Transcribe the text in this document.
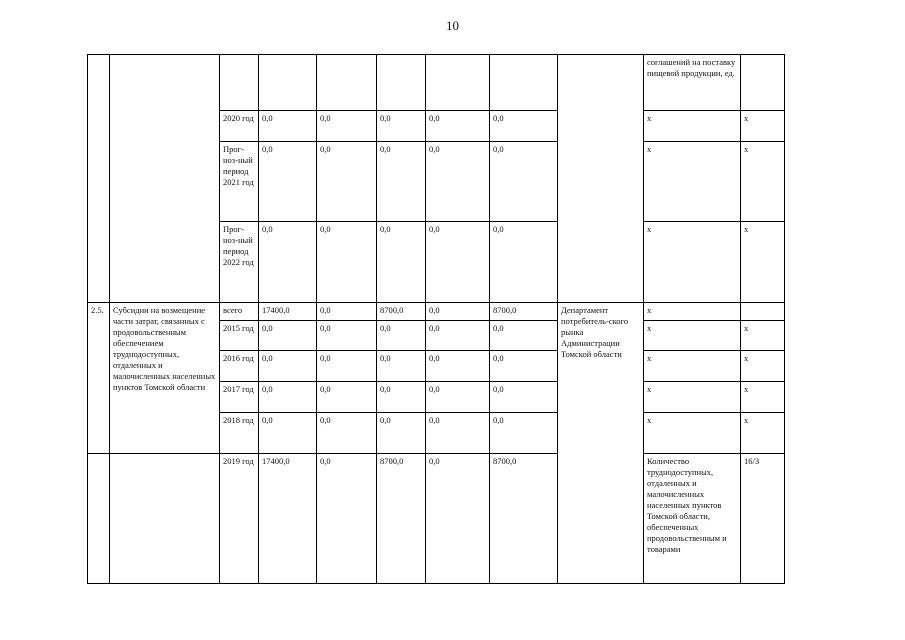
10
									соглашений на поставку пищевой продукции, ед.	
		2020 год	0,0	0,0	0,0	0,0	0,0		x	x
		Прог-нoз-ный период 2021 год	0,0	0,0	0,0	0,0	0,0		x	x
		Прог-нoз-ный период 2022 год	0,0	0,0	0,0	0,0	0,0		x	x
2.5.	Субсидии на возмещение части затрат, связанных с продовольственным обеспечением труднодоступных, отдаленных и малочисленных населенных пунктов Томской области	всего	17400,0	0,0	8700,0	0,0	8700,0	Департамент потребитель-ского рынка Администрации Томской области	x	
		2015 год	0,0	0,0	0,0	0,0	0,0		x	x
		2016 год	0,0	0,0	0,0	0,0	0,0		x	x
		2017 год	0,0	0,0	0,0	0,0	0,0		x	x
		2018 год	0,0	0,0	0,0	0,0	0,0		x	x
		2019 год	17400,0	0,0	8700,0	0,0	8700,0		Количество труднодоступных, отдаленных и малочисленных населенных пунктов Томской области, обеспеченных продовольственным и товарами	16/3
